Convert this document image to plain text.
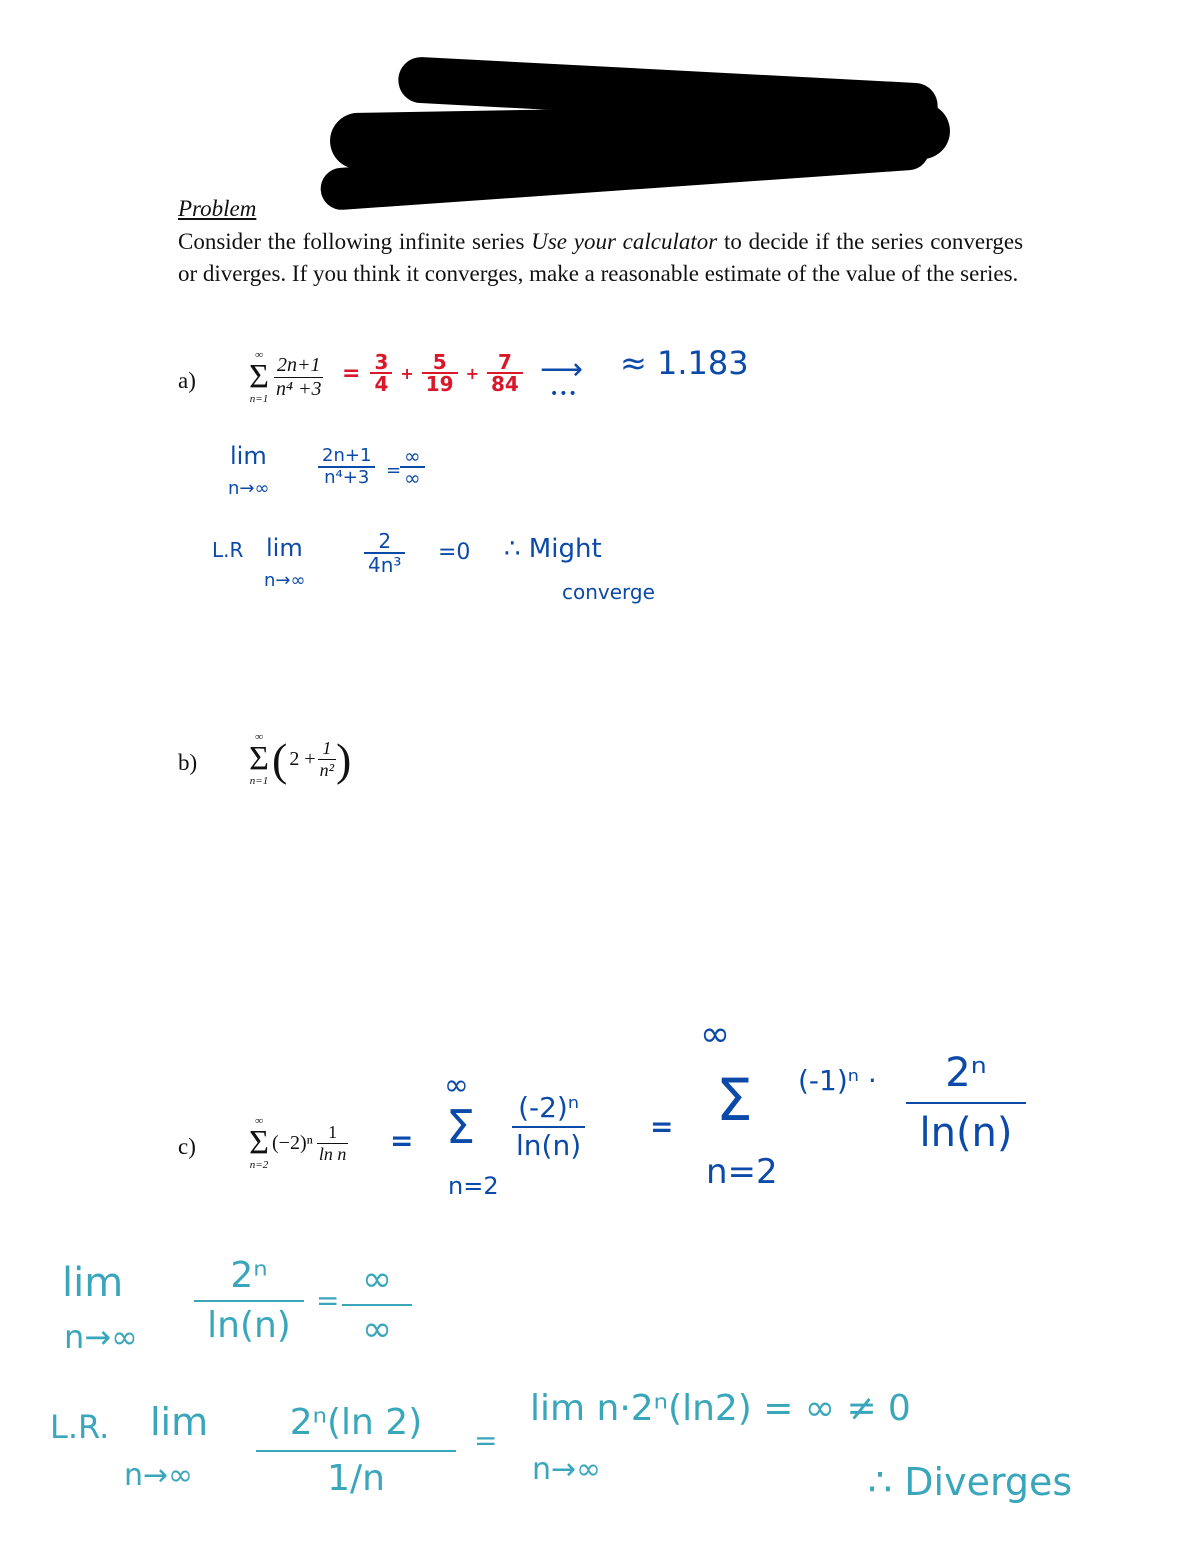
Problem
Consider the following infinite series Use your calculator to decide if the series converges or diverges. If you think it converges, make a reasonable estimate of the value of the series.
a)
∞
Σ
$n=1 \frac{2n+1}{\text{n⁴ +3}} = \frac{3}{4} + \frac{5}{19} + \frac{7}{84}$ •••
⟶ ≈ 1.183
lim
n→∞
$\frac{2n+1}{\text{n⁴+3}}$ =
∞
∞
L.R lim
n→∞
$\frac{2}{\text{4n³}} =0$ ∴ Might
converge
b)
∞
Σ
n=1 ( $2 + \frac{1}{\text{n²}}$ )
c)
∞
Σ
n=2
$(-2)^n \frac{1}{\text{ln n}}$ =
∞
Σ
n=2
$\frac{\text{(-2)ⁿ}}{\ln(n)}$ =
∞
Σ
n=2
$(-1)^n \cdot \frac{\text{2ⁿ}}{\ln(n)}$
lim
$n\to\infty \frac{\text{2ⁿ}}{\ln(n)}$ =
∞
∞
L.R. lim
$n\to\infty \frac{\text{2ⁿ(ln 2)}}{1/n}$ =
lim n·2ⁿ(ln2) = ∞ ≠ 0
n→∞	∴ Diverges
